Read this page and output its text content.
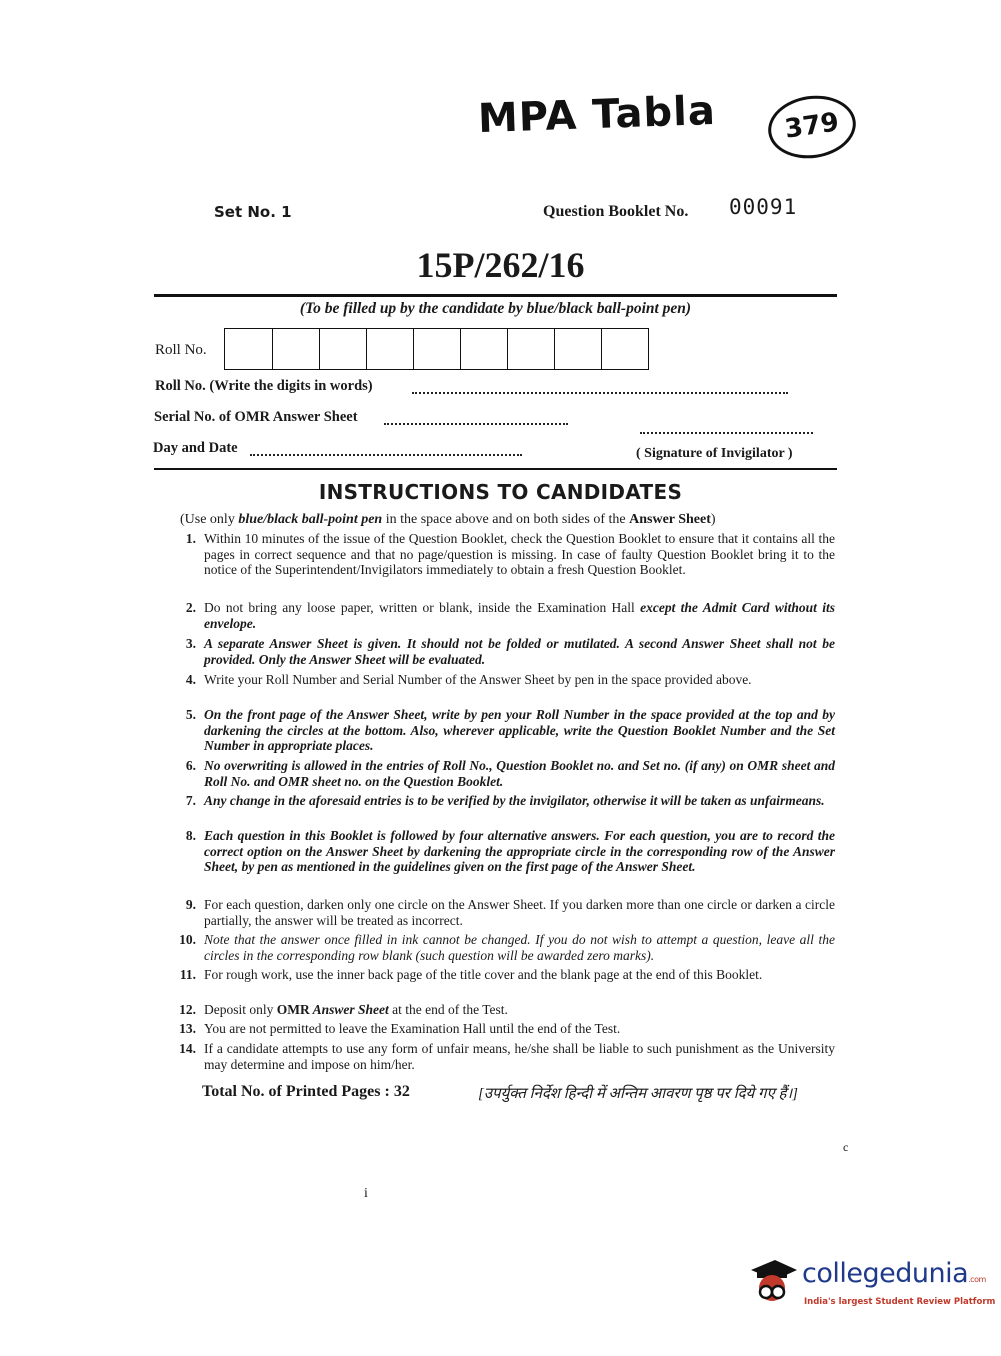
MPA Tabla	379
Set No. 1	Question Booklet No. 00091
15P/262/16
(To be filled up by the candidate by blue/black ball-point pen)
Roll No.
Roll No. (Write the digits in words)
Serial No. of OMR Answer Sheet
Day and Date	( Signature of Invigilator )
INSTRUCTIONS TO CANDIDATES
(Use only blue/black ball-point pen in the space above and on both sides of the Answer Sheet)
1. Within 10 minutes of the issue of the Question Booklet, check the Question Booklet to ensure that it contains all the pages in correct sequence and that no page/question is missing. In case of faulty Question Booklet bring it to the notice of the Superintendent/Invigilators immediately to obtain a fresh Question Booklet.
2. Do not bring any loose paper, written or blank, inside the Examination Hall except the Admit Card without its envelope.
3. A separate Answer Sheet is given. It should not be folded or mutilated. A second Answer Sheet shall not be provided. Only the Answer Sheet will be evaluated.
4. Write your Roll Number and Serial Number of the Answer Sheet by pen in the space provided above.
5. On the front page of the Answer Sheet, write by pen your Roll Number in the space provided at the top and by darkening the circles at the bottom. Also, wherever applicable, write the Question Booklet Number and the Set Number in appropriate places.
6. No overwriting is allowed in the entries of Roll No., Question Booklet no. and Set no. (if any) on OMR sheet and Roll No. and OMR sheet no. on the Question Booklet.
7. Any change in the aforesaid entries is to be verified by the invigilator, otherwise it will be taken as unfairmeans.
8. Each question in this Booklet is followed by four alternative answers. For each question, you are to record the correct option on the Answer Sheet by darkening the appropriate circle in the corresponding row of the Answer Sheet, by pen as mentioned in the guidelines given on the first page of the Answer Sheet.
9. For each question, darken only one circle on the Answer Sheet. If you darken more than one circle or darken a circle partially, the answer will be treated as incorrect.
10. Note that the answer once filled in ink cannot be changed. If you do not wish to attempt a question, leave all the circles in the corresponding row blank (such question will be awarded zero marks).
11. For rough work, use the inner back page of the title cover and the blank page at the end of this Booklet.
12. Deposit only OMR Answer Sheet at the end of the Test.
13. You are not permitted to leave the Examination Hall until the end of the Test.
14. If a candidate attempts to use any form of unfair means, he/she shall be liable to such punishment as the University may determine and impose on him/her.
Total No. of Printed Pages : 32	[उपर्युक्त निर्देश हिन्दी में अन्तिम आवरण पृष्ठ पर दिये गए हैं।]
i
c
collegedunia.com
India's largest Student Review Platform
